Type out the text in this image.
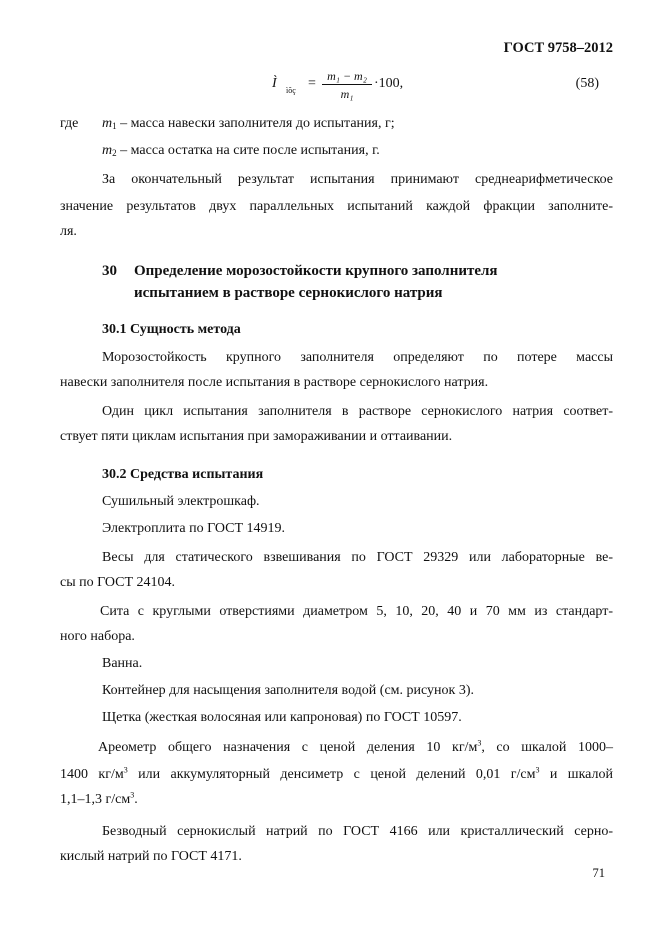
ГОСТ 9758–2012
Ì ìõç = $\frac{\text{m₁ − m₂}}{\text{m₁}} \cdot 100$,	(58)
где m1 – масса навески заполнителя до испытания, г;
m2 – масса остатка на сите после испытания, г.
За окончательный результат испытания принимают среднеарифметическое
значение результатов двух параллельных испытаний каждой фракции заполните-
ля.
30 Определение морозостойкости крупного заполнителя
испытанием в растворе сернокислого натрия
30.1 Сущность метода
Морозостойкость крупного заполнителя определяют по потере массы
навески заполнителя после испытания в растворе сернокислого натрия.
Один цикл испытания заполнителя в растворе сернокислого натрия соответ-
ствует пяти циклам испытания при замораживании и оттаивании.
30.2 Средства испытания
Сушильный электрошкаф.
Электроплита по ГОСТ 14919.
Весы для статического взвешивания по ГОСТ 29329 или лабораторные ве-
сы по ГОСТ 24104.
Сита с круглыми отверстиями диаметром 5, 10, 20, 40 и 70 мм из стандарт-
ного набора.
Ванна.
Контейнер для насыщения заполнителя водой (см. рисунок 3).
Щетка (жесткая волосяная или капроновая) по ГОСТ 10597.
Ареометр общего назначения с ценой деления 10 $кг/м^3$, со шкалой 1000–
1400 $кг/м^3$ или аккумуляторный денсиметр с ценой делений 0,01 $г/см^3$ и шкалой
1,1–1,3 $г/см^3$.
Безводный сернокислый натрий по ГОСТ 4166 или кристаллический серно-
кислый натрий по ГОСТ 4171.
71
